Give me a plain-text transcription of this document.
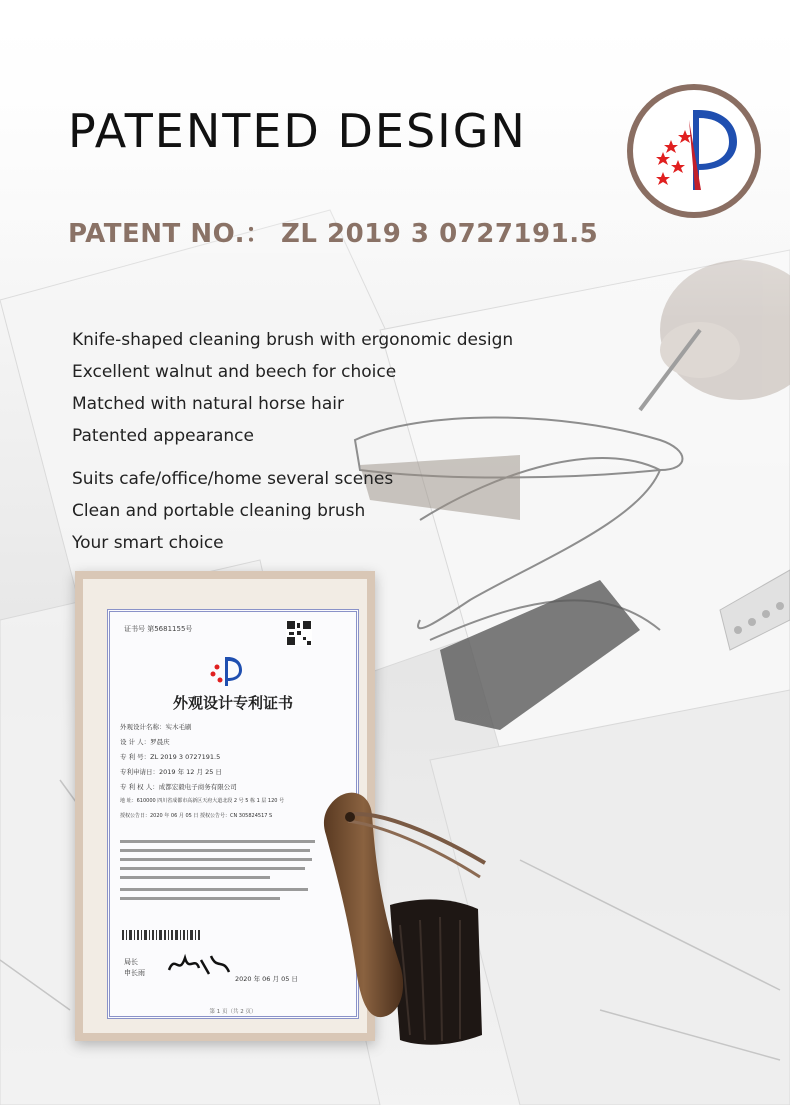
PATENTED DESIGN
PATENT NO.： ZL 2019 3 0727191.5
Knife-shaped cleaning brush with ergonomic design
Excellent walnut and beech for choice
Matched with natural horse hair
Patented appearance
Suits cafe/office/home several scenes
Clean and portable cleaning brush
Your smart choice
证书号 第5681155号
外观设计专利证书
外观设计名称：实木毛刷
设 计 人：罗晨庆
专 利 号：ZL 2019 3 0727191.5
专利申请日：2019 年 12 月 25 日
专 利 权 人：成都宏毅电子商务有限公司
地 址：610000 四川省成都市高新区天府大道北段 2 号 5 栋 1 层 120 号
授权公告日：2020 年 06 月 05 日 授权公告号：CN 305824517 S
局长
申长雨
2020 年 06 月 05 日
第 1 页（共 2 页）
